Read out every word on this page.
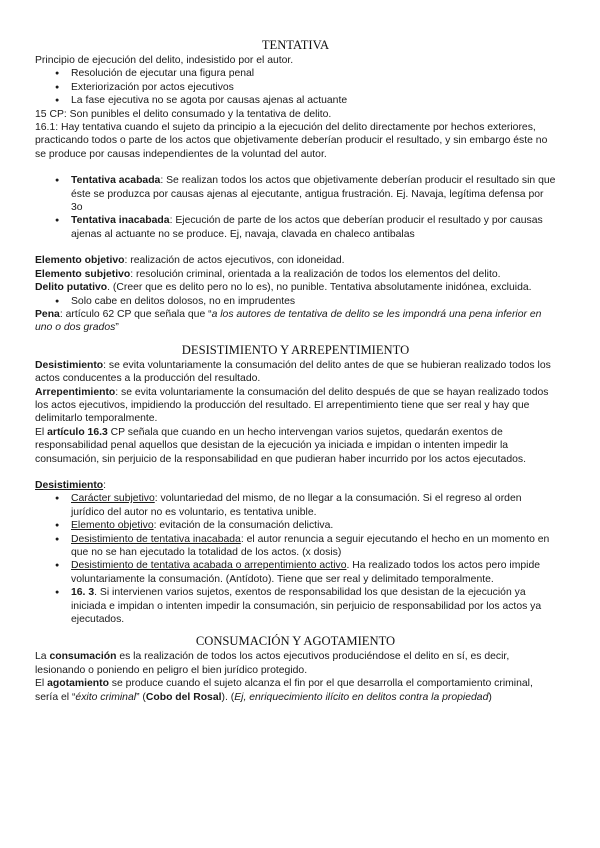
TENTATIVA

Principio de ejecución del delito, indesistido por el autor.

● Resolución de ejecutar una figura penal
● Exteriorización por actos ejecutivos
● La fase ejecutiva no se agota por causas ajenas al actuante

15 CP: Son punibles el delito consumado y la tentativa de delito.

16.1: Hay tentativa cuando el sujeto da principio a la ejecución del delito directamente por hechos exteriores, practicando todos o parte de los actos que objetivamente deberían producir el resultado, y sin embargo éste no se produce por causas independientes de la voluntad del autor.

● Tentativa acabada: Se realizan todos los actos que objetivamente deberían producir el resultado sin que éste se produzca por causas ajenas al ejecutante, antigua frustración. Ej. Navaja, legítima defensa por 3o
● Tentativa inacabada: Ejecución de parte de los actos que deberían producir el resultado y por causas ajenas al actuante no se produce. Ej, navaja, clavada en chaleco antibalas

Elemento objetivo: realización de actos ejecutivos, con idoneidad.

Elemento subjetivo: resolución criminal, orientada a la realización de todos los elementos del delito.

Delito putativo. (Creer que es delito pero no lo es), no punible. Tentativa absolutamente inidónea, excluida.

● Solo cabe en delitos dolosos, no en imprudentes

Pena: artículo 62 CP que señala que “a los autores de tentativa de delito se les impondrá una pena inferior en uno o dos grados”

DESISTIMIENTO Y ARREPENTIMIENTO

Desistimiento: se evita voluntariamente la consumación del delito antes de que se hubieran realizado todos los actos conducentes a la producción del resultado.

Arrepentimiento: se evita voluntariamente la consumación del delito después de que se hayan realizado todos los actos ejecutivos, impidiendo la producción del resultado. El arrepentimiento tiene que ser real y hay que delimitarlo temporalmente.

El artículo 16.3 CP señala que cuando en un hecho intervengan varios sujetos, quedarán exentos de responsabilidad penal aquellos que desistan de la ejecución ya iniciada e impidan o intenten impedir la consumación, sin perjuicio de la responsabilidad en que pudieran haber incurrido por los actos ejecutados.

Desistimiento:

● Carácter subjetivo: voluntariedad del mismo, de no llegar a la consumación. Si el regreso al orden jurídico del autor no es voluntario, es tentativa unible.
● Elemento objetivo: evitación de la consumación delictiva.
● Desistimiento de tentativa inacabada: el autor renuncia a seguir ejecutando el hecho en un momento en que no se han ejecutado la totalidad de los actos. (x dosis)
● Desistimiento de tentativa acabada o arrepentimiento activo. Ha realizado todos los actos pero impide voluntariamente la consumación. (Antídoto). Tiene que ser real y delimitado temporalmente.
● 16. 3. Si intervienen varios sujetos, exentos de responsabilidad los que desistan de la ejecución ya iniciada e impidan o intenten impedir la consumación, sin perjuicio de responsabilidad por los actos ya ejecutados.
CONSUMACIÓN Y AGOTAMIENTO

La consumación es la realización de todos los actos ejecutivos produciéndose el delito en sí, es decir, lesionando o poniendo en peligro el bien jurídico protegido.

El agotamiento se produce cuando el sujeto alcanza el fin por el que desarrolla el comportamiento criminal, sería el “éxito criminal” (Cobo del Rosal). (Ej, enriquecimiento ilícito en delitos contra la propiedad)
